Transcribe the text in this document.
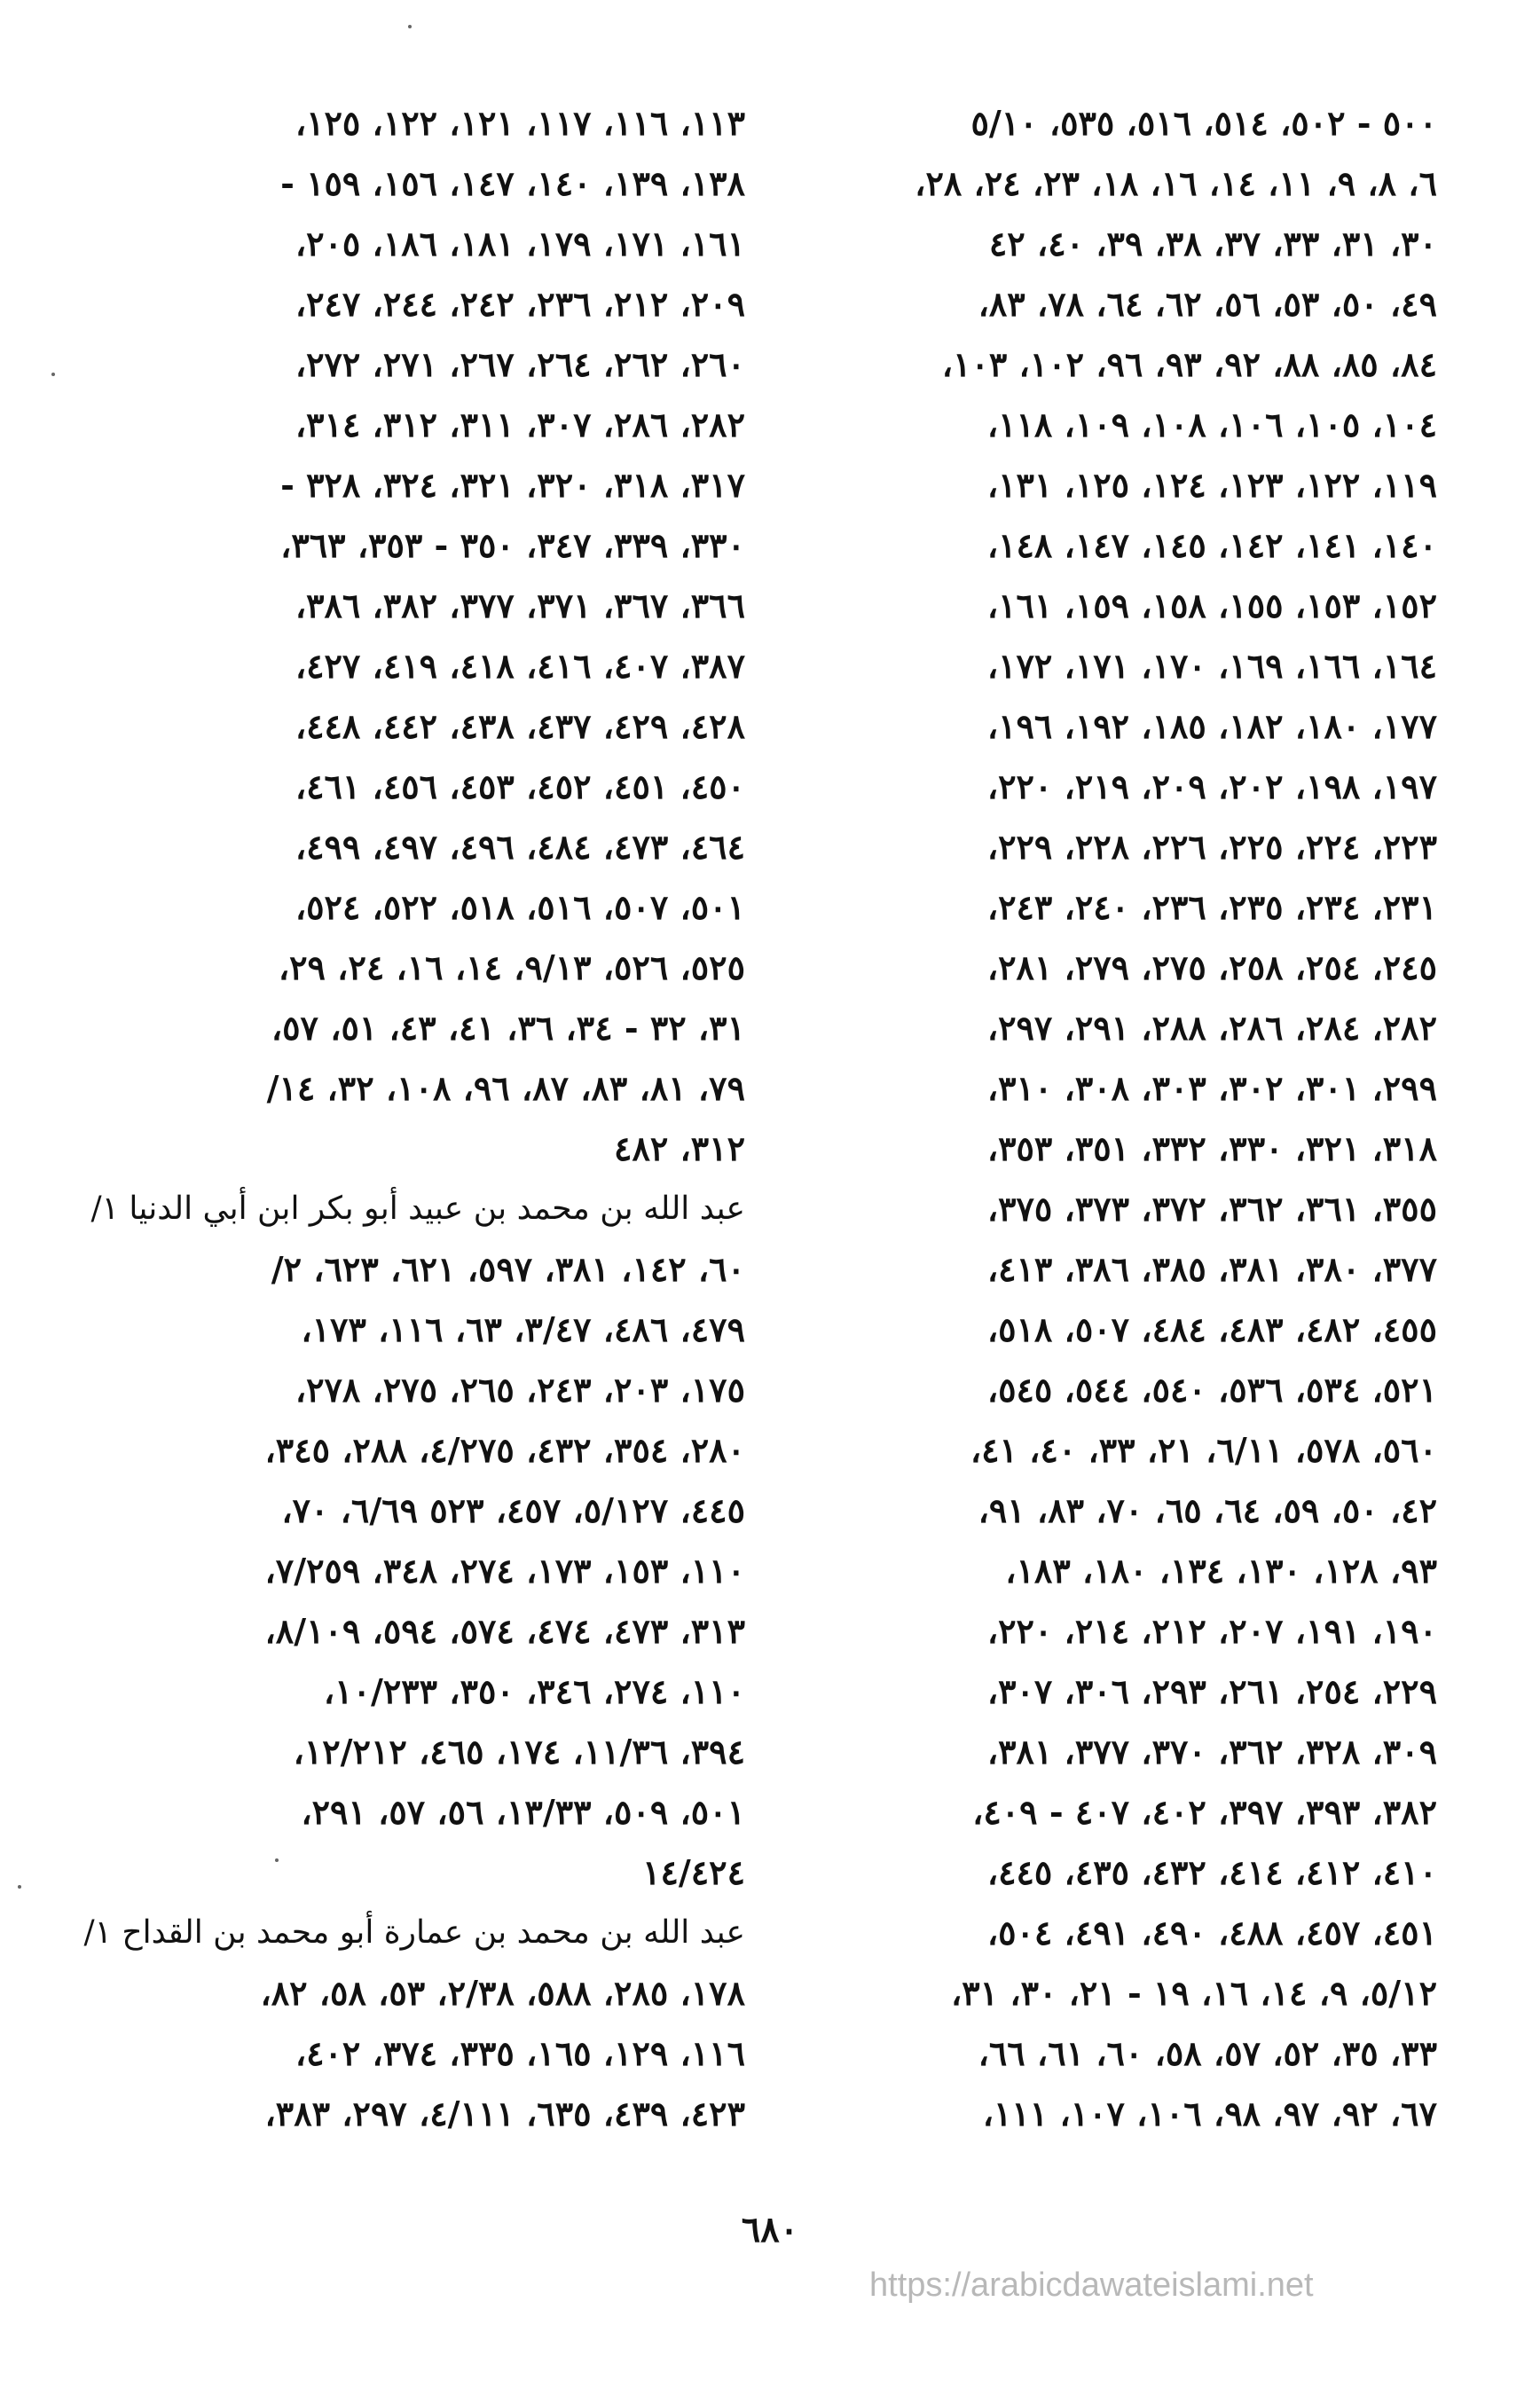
٥٠٠ - ٥٠٢، ٥١٤، ٥١٦، ٥٣٥، ٥/١٠
٦، ٨، ٩، ١١، ١٤، ١٦، ١٨، ٢٣، ٢٤، ٢٨،
٣٠، ٣١، ٣٣، ٣٧، ٣٨، ٣٩، ٤٠، ٤٢
٤٩، ٥٠، ٥٣، ٥٦، ٦٢، ٦٤، ٧٨، ٨٣،
٨٤، ٨٥، ٨٨، ٩٢، ٩٣، ٩٦، ١٠٢، ١٠٣،
١٠٤، ١٠٥، ١٠٦، ١٠٨، ١٠٩، ١١٨،
١١٩، ١٢٢، ١٢٣، ١٢٤، ١٢٥، ١٣١،
١٤٠، ١٤١، ١٤٢، ١٤٥، ١٤٧، ١٤٨،
١٥٢، ١٥٣، ١٥٥، ١٥٨، ١٥٩، ١٦١،
١٦٤، ١٦٦، ١٦٩، ١٧٠، ١٧١، ١٧٢،
١٧٧، ١٨٠، ١٨٢، ١٨٥، ١٩٢، ١٩٦،
١٩٧، ١٩٨، ٢٠٢، ٢٠٩، ٢١٩، ٢٢٠،
٢٢٣، ٢٢٤، ٢٢٥، ٢٢٦، ٢٢٨، ٢٢٩،
٢٣١، ٢٣٤، ٢٣٥، ٢٣٦، ٢٤٠، ٢٤٣،
٢٤٥، ٢٥٤، ٢٥٨، ٢٧٥، ٢٧٩، ٢٨١،
٢٨٢، ٢٨٤، ٢٨٦، ٢٨٨، ٢٩١، ٢٩٧،
٢٩٩، ٣٠١، ٣٠٢، ٣٠٣، ٣٠٨، ٣١٠،
٣١٨، ٣٢١، ٣٣٠، ٣٣٢، ٣٥١، ٣٥٣،
٣٥٥، ٣٦١، ٣٦٢، ٣٧٢، ٣٧٣، ٣٧٥،
٣٧٧، ٣٨٠، ٣٨١، ٣٨٥، ٣٨٦، ٤١٣،
٤٥٥، ٤٨٢، ٤٨٣، ٤٨٤، ٥٠٧، ٥١٨،
٥٢١، ٥٣٤، ٥٣٦، ٥٤٠، ٥٤٤، ٥٤٥،
٥٦٠، ٥٧٨، ٦/١١، ٢١، ٣٣، ٤٠، ٤١،
٤٢، ٥٠، ٥٩، ٦٤، ٦٥، ٧٠، ٨٣، ٩١،
٩٣، ١٢٨، ١٣٠، ١٣٤، ١٨٠، ١٨٣،
١٩٠، ١٩١، ٢٠٧، ٢١٢، ٢١٤، ٢٢٠،
٢٢٩، ٢٥٤، ٢٦١، ٢٩٣، ٣٠٦، ٣٠٧،
٣٠٩، ٣٢٨، ٣٦٢، ٣٧٠، ٣٧٧، ٣٨١،
٣٨٢، ٣٩٣، ٣٩٧، ٤٠٢، ٤٠٧ - ٤٠٩،
٤١٠، ٤١٢، ٤١٤، ٤٣٢، ٤٣٥، ٤٤٥،
٤٥١، ٤٥٧، ٤٨٨، ٤٩٠، ٤٩١، ٥٠٤،
٥/١٢، ٩، ١٤، ١٦، ١٩ - ٢١، ٣٠، ٣١،
٣٣، ٣٥، ٥٢، ٥٧، ٥٨، ٦٠، ٦١، ٦٦،
٦٧، ٩٢، ٩٧، ٩٨، ١٠٦، ١٠٧، ١١١،
١١٣، ١١٦، ١١٧، ١٢١، ١٢٢، ١٢٥،
١٣٨، ١٣٩، ١٤٠، ١٤٧، ١٥٦، ١٥٩ -
١٦١، ١٧١، ١٧٩، ١٨١، ١٨٦، ٢٠٥،
٢٠٩، ٢١٢، ٢٣٦، ٢٤٢، ٢٤٤، ٢٤٧،
٢٦٠، ٢٦٢، ٢٦٤، ٢٦٧، ٢٧١، ٢٧٢،
٢٨٢، ٢٨٦، ٣٠٧، ٣١١، ٣١٢، ٣١٤،
٣١٧، ٣١٨، ٣٢٠، ٣٢١، ٣٢٤، ٣٢٨ -
٣٣٠، ٣٣٩، ٣٤٧، ٣٥٠ - ٣٥٣، ٣٦٣،
٣٦٦، ٣٦٧، ٣٧١، ٣٧٧، ٣٨٢، ٣٨٦،
٣٨٧، ٤٠٧، ٤١٦، ٤١٨، ٤١٩، ٤٢٧،
٤٢٨، ٤٢٩، ٤٣٧، ٤٣٨، ٤٤٢، ٤٤٨،
٤٥٠، ٤٥١، ٤٥٢، ٤٥٣، ٤٥٦، ٤٦١،
٤٦٤، ٤٧٣، ٤٨٤، ٤٩٦، ٤٩٧، ٤٩٩،
٥٠١، ٥٠٧، ٥١٦، ٥١٨، ٥٢٢، ٥٢٤،
٥٢٥، ٥٢٦، ٩/١٣، ١٤، ١٦، ٢٤، ٢٩،
٣١، ٣٢ - ٣٤، ٣٦، ٤١، ٤٣، ٥١، ٥٧،
٧٩، ٨١، ٨٣، ٨٧، ٩٦، ١٠٨، ٣٢، ١٤/
٣١٢، ٤٨٢
عبد الله بن محمد بن عبيد أبو بكر ابن أبي الدنيا ١/
٦٠، ١٤٢، ٣٨١، ٥٩٧، ٦٢١، ٦٢٣، ٢/
٤٧٩، ٤٨٦، ٣/٤٧، ٦٣، ١١٦، ١٧٣،
١٧٥، ٢٠٣، ٢٤٣، ٢٦٥، ٢٧٥، ٢٧٨،
٢٨٠، ٣٥٤، ٤٣٢، ٤/٢٧٥، ٢٨٨، ٣٤٥،
٤٤٥، ٥/١٢٧، ٤٥٧، ٥٢٣ ٦/٦٩، ٧٠،
١١٠، ١٥٣، ١٧٣، ٢٧٤، ٣٤٨، ٧/٢٥٩،
٣١٣، ٤٧٣، ٤٧٤، ٥٧٤، ٥٩٤، ٨/١٠٩،
١١٠، ٢٧٤، ٣٤٦، ٣٥٠، ١٠/٢٣٣،
٣٩٤، ١١/٣٦، ١٧٤، ٤٦٥، ١٢/٢١٢،
٥٠١، ٥٠٩، ١٣/٣٣، ٥٦، ٥٧، ٢٩١،
١٤/٤٢٤
عبد الله بن محمد بن عمارة أبو محمد بن القداح ١/
١٧٨، ٢٨٥، ٥٨٨، ٢/٣٨، ٥٣، ٥٨، ٨٢،
١١٦، ١٢٩، ١٦٥، ٣٣٥، ٣٧٤، ٤٠٢،
٤٢٣، ٤٣٩، ٦٣٥، ٤/١١١، ٢٩٧، ٣٨٣،
٦٨٠
https://arabicdawateislami.net
